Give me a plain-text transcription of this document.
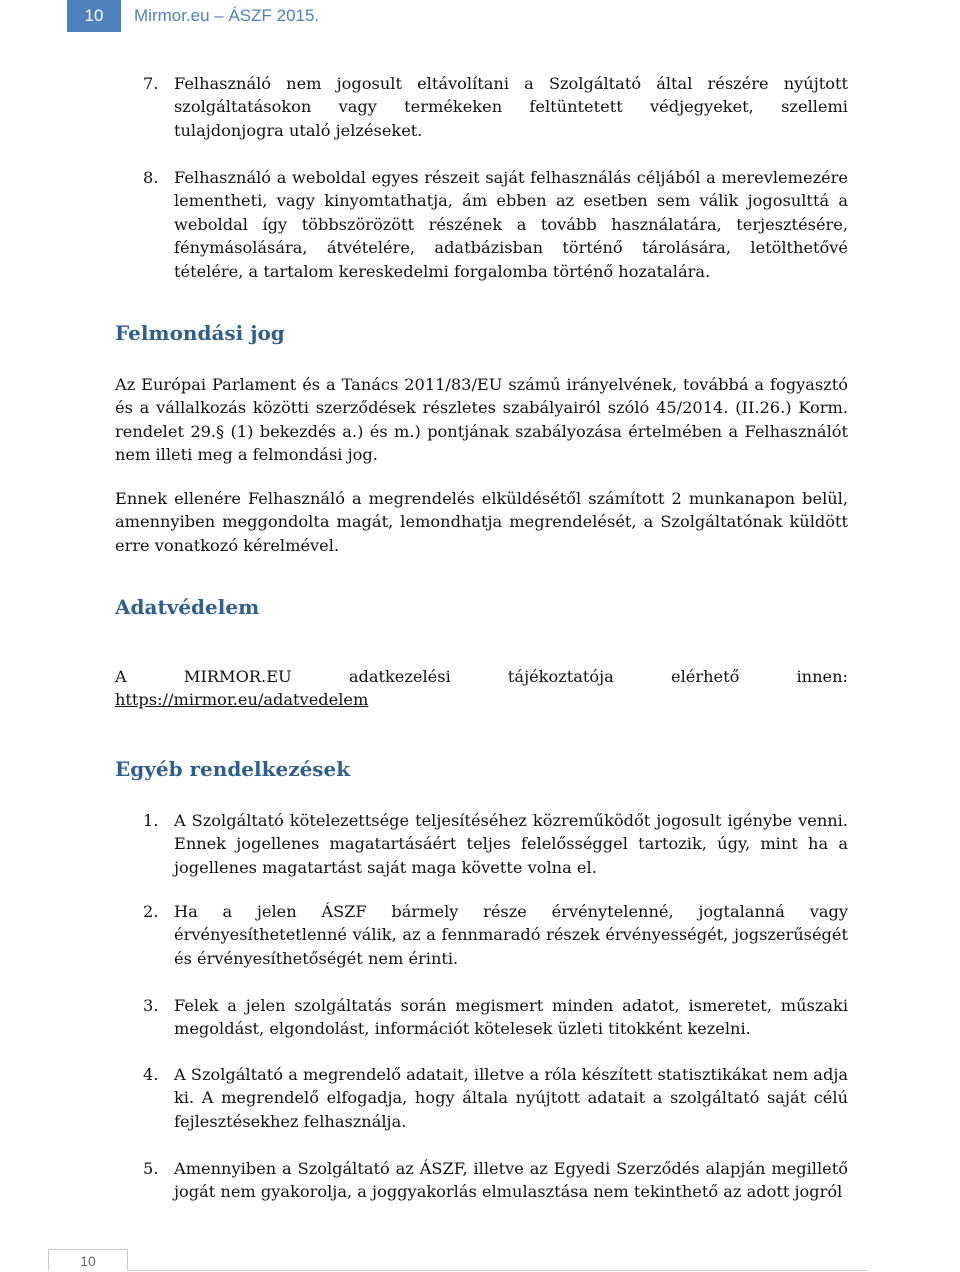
10	Mirmor.eu – ÁSZF 2015.
7. Felhasználó nem jogosult eltávolítani a Szolgáltató által részére nyújtott szolgáltatásokon vagy termékeken feltüntetett védjegyeket, szellemi tulajdonjogra utaló jelzéseket.
8. Felhasználó a weboldal egyes részeit saját felhasználás céljából a merevlemezére lementheti, vagy kinyomtathatja, ám ebben az esetben sem válik jogosulttá a weboldal így többszörözött részének a tovább használatára, terjesztésére, fénymásolására, átvételére, adatbázisban történő tárolására, letölthetővé tételére, a tartalom kereskedelmi forgalomba történő hozatalára.
Felmondási jog
Az Európai Parlament és a Tanács 2011/83/EU számú irányelvének, továbbá a fogyasztó és a vállalkozás közötti szerződések részletes szabályairól szóló 45/2014. (II.26.) Korm. rendelet 29.§ (1) bekezdés a.) és m.) pontjának szabályozása értelmében a Felhasználót nem illeti meg a felmondási jog.
Ennek ellenére Felhasználó a megrendelés elküldésétől számított 2 munkanapon belül, amennyiben meggondolta magát, lemondhatja megrendelését, a Szolgáltatónak küldött erre vonatkozó kérelmével.
Adatvédelem
A MIRMOR.EU adatkezelési tájékoztatója elérhető innen:
https://mirmor.eu/adatvedelem
Egyéb rendelkezések
1. A Szolgáltató kötelezettsége teljesítéséhez közreműködőt jogosult igénybe venni. Ennek jogellenes magatartásáért teljes felelősséggel tartozik, úgy, mint ha a jogellenes magatartást saját maga követte volna el.
2. Ha a jelen ÁSZF bármely része érvénytelenné, jogtalanná vagy érvényesíthetetlenné válik, az a fennmaradó részek érvényességét, jogszerűségét és érvényesíthetőségét nem érinti.
3. Felek a jelen szolgáltatás során megismert minden adatot, ismeretet, műszaki megoldást, elgondolást, információt kötelesek üzleti titokként kezelni.
4. A Szolgáltató a megrendelő adatait, illetve a róla készített statisztikákat nem adja ki. A megrendelő elfogadja, hogy általa nyújtott adatait a szolgáltató saját célú fejlesztésekhez felhasználja.
5. Amennyiben a Szolgáltató az ÁSZF, illetve az Egyedi Szerződés alapján megillető jogát nem gyakorolja, a joggyakorlás elmulasztása nem tekinthető az adott jogról
10
